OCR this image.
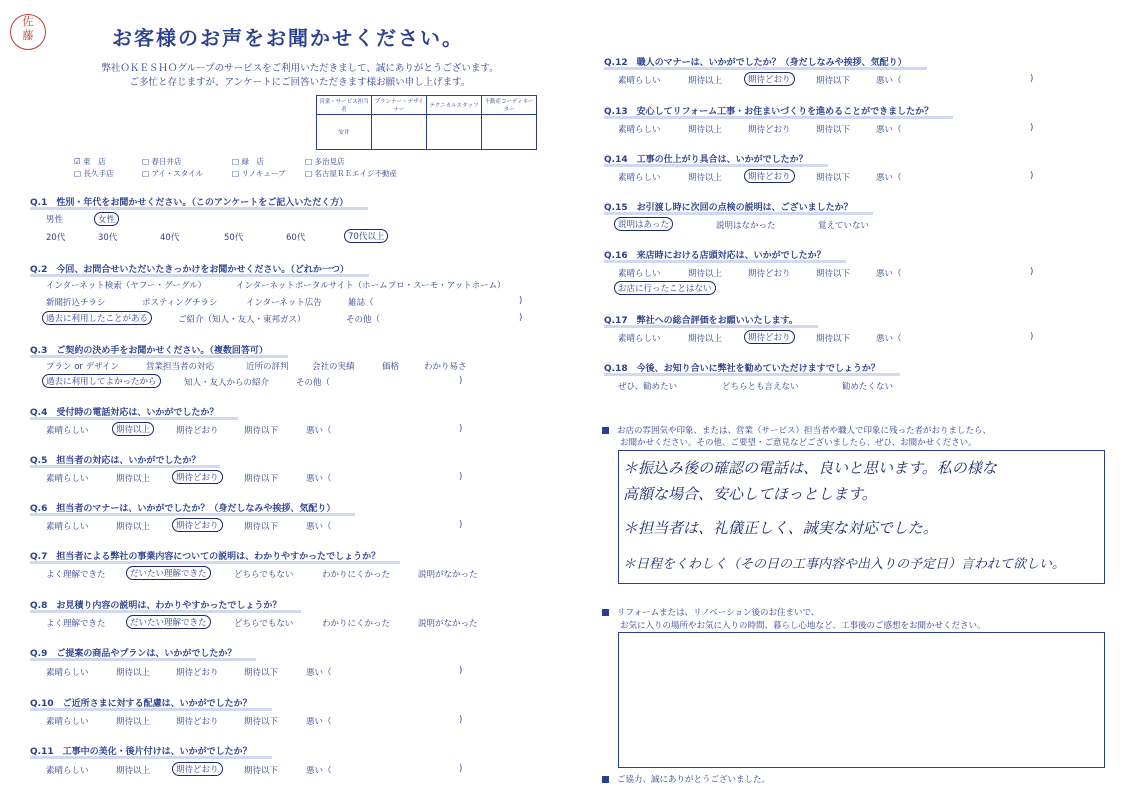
佐
藤	お客様のお声をお聞かせください。
弊社ＯＫＥＳＨＯグループのサービスをご利用いただきまして、誠にありがとうございます。
ご多忙と存じますが、アンケートにご回答いただきます様お願い申し上げます。
営業・サービス担当者	プランナー・デザイナー	テクニカルスタッフ	不動産コーディネーター
安井			
☑ 東　店	□ 春日井店	□ 緑　店	□ 多治見店
□ 長久手店	□ アイ・スタイル	□ リノキューブ	□ 名古屋ＲＥエイジ不動産
Q.1　性別・年代をお聞かせください。（このアンケートをご記入いただく方）
男性	女性
20代	30代	40代	50代	60代	70代以上
Q.2　今回、お問合せいただいたきっかけをお聞かせください。（どれか一つ）
インターネット検索（ヤフー・グーグル）	インターネットポータルサイト（ホームプロ・スーモ・アットホーム）
新聞折込チラシ	ポスティングチラシ	インターネット広告	雑誌（	)
過去に利用したことがある	ご紹介（知人・友人・東邦ガス）	その他（	)
Q.3　ご契約の決め手をお聞かせください。（複数回答可）
プラン or デザイン	営業担当者の対応	近所の評判	会社の実績	価格	わかり易さ
過去に利用してよかったから	知人・友人からの紹介	その他（	)
Q.4　受付時の電話対応は、いかがでしたか？
素晴らしい	期待以上	期待どおり	期待以下	悪い（	)
Q.5　担当者の対応は、いかがでしたか？
素晴らしい	期待以上	期待どおり	期待以下	悪い（	)
Q.6　担当者のマナーは、いかがでしたか？（身だしなみや挨拶、気配り）
素晴らしい	期待以上	期待どおり	期待以下	悪い（	)
Q.7　担当者による弊社の事業内容についての説明は、わかりやすかったでしょうか？
よく理解できた	だいたい理解できた	どちらでもない	わかりにくかった	説明がなかった
Q.8　お見積り内容の説明は、わかりやすかったでしょうか？
よく理解できた	だいたい理解できた	どちらでもない	わかりにくかった	説明がなかった
Q.9　ご提案の商品やプランは、いかがでしたか？
素晴らしい	期待以上	期待どおり	期待以下	悪い（	)
Q.10　ご近所さまに対する配慮は、いかがでしたか？
素晴らしい	期待以上	期待どおり	期待以下	悪い（	)
Q.11　工事中の美化・後片付けは、いかがでしたか？
素晴らしい	期待以上	期待どおり	期待以下	悪い（	)
Q.12　職人のマナーは、いかがでしたか？（身だしなみや挨拶、気配り）
素晴らしい	期待以上	期待どおり	期待以下	悪い（	)
Q.13　安心してリフォーム工事・お住まいづくりを進めることができましたか？
素晴らしい	期待以上	期待どおり	期待以下	悪い（	)
Q.14　工事の仕上がり具合は、いかがでしたか？
素晴らしい	期待以上	期待どおり	期待以下	悪い（	)
Q.15　お引渡し時に次回の点検の説明は、ございましたか？
説明はあった	説明はなかった	覚えていない
Q.16　来店時における店頭対応は、いかがでしたか？
素晴らしい	期待以上	期待どおり	期待以下	悪い（	)
お店に行ったことはない
Q.17　弊社への総合評価をお願いいたします。
素晴らしい	期待以上	期待どおり	期待以下	悪い（	)
Q.18　今後、お知り合いに弊社を勧めていただけますでしょうか？
ぜひ、勧めたい	どちらとも言えない	勧めたくない
お店の雰囲気や印象、または、営業（サービス）担当者や職人で印象に残った者がおりましたら、
お聞かせください。その他、ご要望・ご意見などございましたら、ぜひ、お聞かせください。
＊振込み後の確認の電話は、良いと思います。私の様な
高額な場合、安心してほっとします。
＊担当者は、礼儀正しく、誠実な対応でした。
＊日程をくわしく（その日の工事内容や出入りの予定日）言われて欲しい。
リフォームまたは、リノベーション後のお住まいで、
お気に入りの場所やお気に入りの時間、暮らし心地など、工事後のご感想をお聞かせください。
ご協力、誠にありがとうございました。
